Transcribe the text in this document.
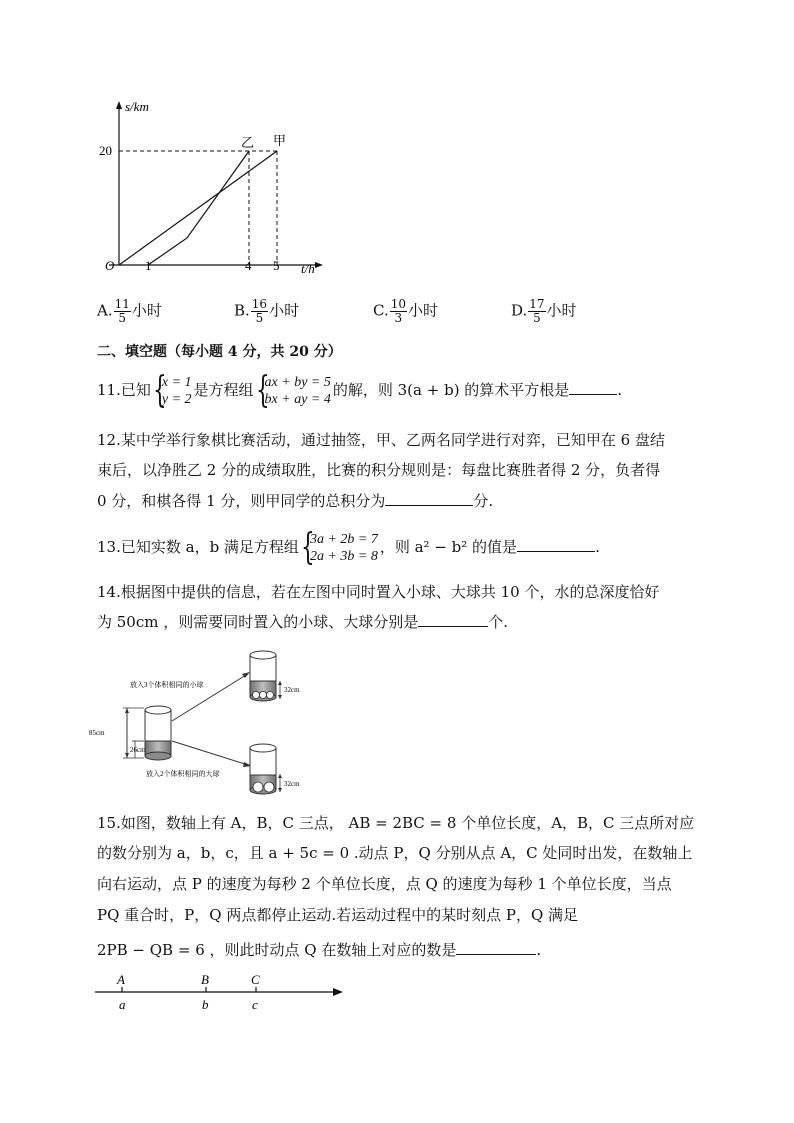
s/km
O
20
1	4 5 t/h
乙 甲
A. $\frac{11}{5}$ 小时	B. $\frac{16}{5}$ 小时	C. $\frac{10}{3}$ 小时	D. $\frac{17}{5}$ 小时
二、填空题（每小题 4 分，共 20 分）
11.已知 {
x = 1
y = 2
是方程组 {
ax + by = 5
bx + ay = 4
的解，则 3(a + b) 的算术平方根是	.
12.某中学举行象棋比赛活动，通过抽签，甲、乙两名同学进行对弈，已知甲在 6 盘结
束后，以净胜乙 2 分的成绩取胜，比赛的积分规则是：每盘比赛胜者得 2 分，负者得
0 分，和棋各得 1 分，则甲同学的总积分为	分.
13.已知实数 a，b 满足方程组 {
3a + 2b = 7
2a + 3b = 8
，则 a² − b² 的值是	.
14.根据图中提供的信息，若在左图中同时置入小球、大球共 10 个，水的总深度恰好
为 50cm ，则需要同时置入的小球、大球分别是	个.
85cm
26cm
放入3个体积相同的小球
放入2个体积相同的大球
32cm
32cm
15.如图，数轴上有 A，B，C 三点， AB = 2BC = 8 个单位长度，A，B，C 三点所对应
的数分别为 a，b，c，且 a + 5c = 0 .动点 P，Q 分别从点 A，C 处同时出发，在数轴上
向右运动，点 P 的速度为每秒 2 个单位长度，点 Q 的速度为每秒 1 个单位长度，当点
PQ 重合时，P，Q 两点都停止运动.若运动过程中的某时刻点 P，Q 满足
2PB − QB = 6 ，则此时动点 Q 在数轴上对应的数是	.
A	B	C
a	b	c
